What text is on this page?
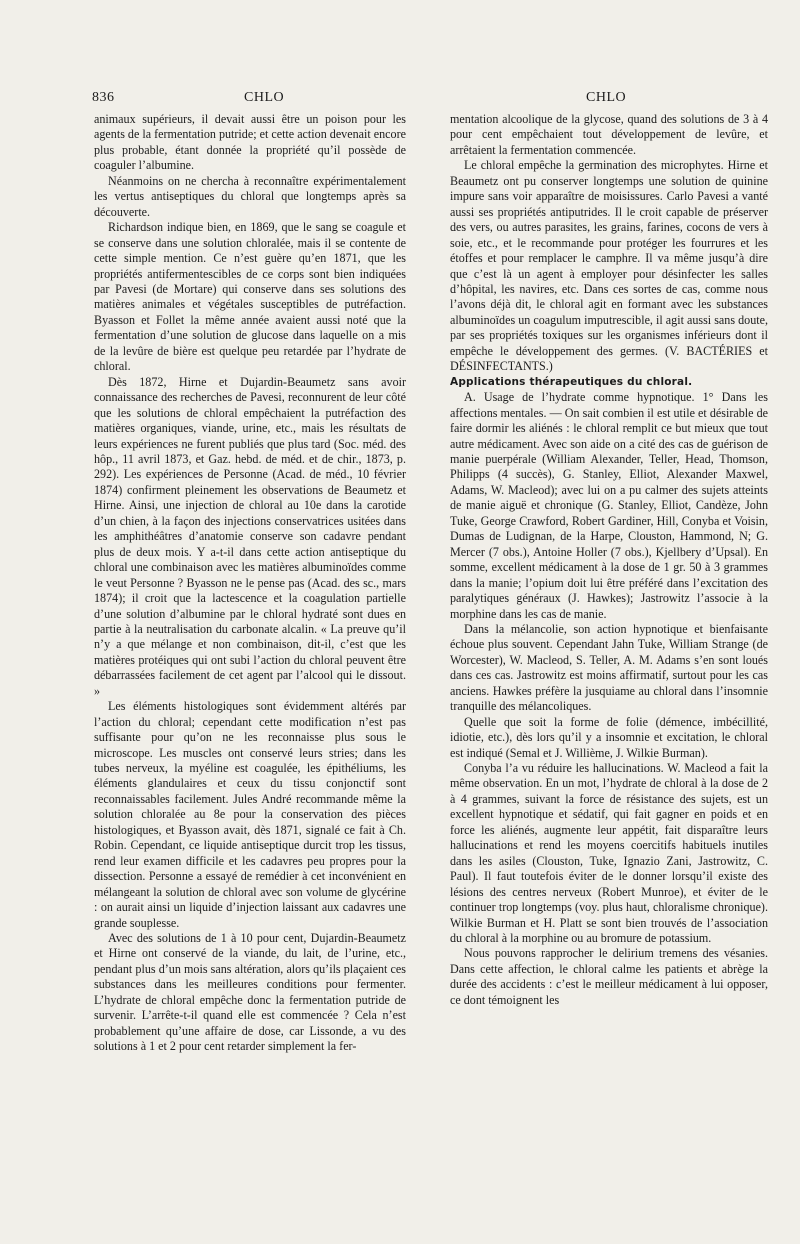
836	CHLO	CHLO

animaux supérieurs, il devait aussi être un poison pour les agents de la fermentation putride; et cette action devenait encore plus probable, étant donnée la propriété qu’il possède de coaguler l’albumine.

Néanmoins on ne chercha à reconnaître expérimentalement les vertus antiseptiques du chloral que longtemps après sa découverte.

Richardson indique bien, en 1869, que le sang se coagule et se conserve dans une solution chloralée, mais il se contente de cette simple mention. Ce n’est guère qu’en 1871, que les propriétés antifermentescibles de ce corps sont bien indiquées par Pavesi (de Mortare) qui conserve dans ses solutions des matières animales et végétales susceptibles de putréfaction. Byasson et Follet la même année avaient aussi noté que la fermentation d’une solution de glucose dans laquelle on a mis de la levûre de bière est quelque peu retardée par l’hydrate de chloral.

Dès 1872, Hirne et Dujardin-Beaumetz sans avoir connaissance des recherches de Pavesi, reconnurent de leur côté que les solutions de chloral empêchaient la putréfaction des matières organiques, viande, urine, etc., mais les résultats de leurs expériences ne furent publiés que plus tard (Soc. méd. des hôp., 11 avril 1873, et Gaz. hebd. de méd. et de chir., 1873, p. 292). Les expériences de Personne (Acad. de méd., 10 février 1874) confirment pleinement les observations de Beaumetz et Hirne. Ainsi, une injection de chloral au 10e dans la carotide d’un chien, à la façon des injections conservatrices usitées dans les amphithéâtres d’anatomie conserve son cadavre pendant plus de deux mois. Y a-t-il dans cette action antiseptique du chloral une combinaison avec les matières albuminoïdes comme le veut Personne ? Byasson ne le pense pas (Acad. des sc., mars 1874); il croit que la lactescence et la coagulation partielle d’une solution d’albumine par le chloral hydraté sont dues en partie à la neutralisation du carbonate alcalin. « La preuve qu’il n’y a que mélange et non combinaison, dit-il, c’est que les matières protéiques qui ont subi l’action du chloral peuvent être débarrassées facilement de cet agent par l’alcool qui le dissout. »

Les éléments histologiques sont évidemment altérés par l’action du chloral; cependant cette modification n’est pas suffisante pour qu’on ne les reconnaisse plus sous le microscope. Les muscles ont conservé leurs stries; dans les tubes nerveux, la myéline est coagulée, les épithéliums, les éléments glandulaires et ceux du tissu conjonctif sont reconnaissables facilement. Jules André recommande même la solution chloralée au 8e pour la conservation des pièces histologiques, et Byasson avait, dès 1871, signalé ce fait à Ch. Robin. Cependant, ce liquide antiseptique durcit trop les tissus, rend leur examen difficile et les cadavres peu propres pour la dissection. Personne a essayé de remédier à cet inconvénient en mélangeant la solution de chloral avec son volume de glycérine : on aurait ainsi un liquide d’injection laissant aux cadavres une grande souplesse.

Avec des solutions de 1 à 10 pour cent, Dujardin-Beaumetz et Hirne ont conservé de la viande, du lait, de l’urine, etc., pendant plus d’un mois sans altération, alors qu’ils plaçaient ces substances dans les meilleures conditions pour fermenter. L’hydrate de chloral empêche donc la fermentation putride de survenir. L’arrête-t-il quand elle est commencée ? Cela n’est probablement qu’une affaire de dose, car Lissonde, a vu des solutions à 1 et 2 pour cent retarder simplement la fer-

mentation alcoolique de la glycose, quand des solutions de 3 à 4 pour cent empêchaient tout développement de levûre, et arrêtaient la fermentation commencée.

Le chloral empêche la germination des microphytes. Hirne et Beaumetz ont pu conserver longtemps une solution de quinine impure sans voir apparaître de moisissures. Carlo Pavesi a vanté aussi ses propriétés antiputrides. Il le croit capable de préserver des vers, ou autres parasites, les grains, farines, cocons de vers à soie, etc., et le recommande pour protéger les fourrures et les étoffes et pour remplacer le camphre. Il va même jusqu’à dire que c’est là un agent à employer pour désinfecter les salles d’hôpital, les navires, etc. Dans ces sortes de cas, comme nous l’avons déjà dit, le chloral agit en formant avec les substances albuminoïdes un coagulum imputrescible, il agit aussi sans doute, par ses propriétés toxiques sur les organismes inférieurs dont il empêche le développement des germes. (V. BACTÉRIES et DÉSINFECTANTS.)

Applications thérapeutiques du chloral.

A. Usage de l’hydrate comme hypnotique. 1° Dans les affections mentales. — On sait combien il est utile et désirable de faire dormir les aliénés : le chloral remplit ce but mieux que tout autre médicament. Avec son aide on a cité des cas de guérison de manie puerpérale (William Alexander, Teller, Head, Thomson, Philipps (4 succès), G. Stanley, Elliot, Alexander Maxwel, Adams, W. Macleod); avec lui on a pu calmer des sujets atteints de manie aiguë et chronique (G. Stanley, Elliot, Candèze, John Tuke, George Crawford, Robert Gardiner, Hill, Conyba et Voisin, Dumas de Ludignan, de la Harpe, Clouston, Hammond, N; G. Mercer (7 obs.), Antoine Holler (7 obs.), Kjellbery d’Upsal). En somme, excellent médicament à la dose de 1 gr. 50 à 3 grammes dans la manie; l’opium doit lui être préféré dans l’excitation des paralytiques généraux (J. Hawkes); Jastrowitz l’associe à la morphine dans les cas de manie.

Dans la mélancolie, son action hypnotique et bienfaisante échoue plus souvent. Cependant Jahn Tuke, William Strange (de Worcester), W. Macleod, S. Teller, A. M. Adams s’en sont loués dans ces cas. Jastrowitz est moins affirmatif, surtout pour les cas anciens. Hawkes préfère la jusquiame au chloral dans l’insomnie tranquille des mélancoliques.

Quelle que soit la forme de folie (démence, imbécillité, idiotie, etc.), dès lors qu’il y a insomnie et excitation, le chloral est indiqué (Semal et J. Willième, J. Wilkie Burman).

Conyba l’a vu réduire les hallucinations. W. Macleod a fait la même observation. En un mot, l’hydrate de chloral à la dose de 2 à 4 grammes, suivant la force de résistance des sujets, est un excellent hypnotique et sédatif, qui fait gagner en poids et en force les aliénés, augmente leur appétit, fait disparaître leurs hallucinations et rend les moyens coercitifs habituels inutiles dans les asiles (Clouston, Tuke, Ignazio Zani, Jastrowitz, C. Paul). Il faut toutefois éviter de le donner lorsqu’il existe des lésions des centres nerveux (Robert Munroe), et éviter de le continuer trop longtemps (voy. plus haut, chloralisme chronique). Wilkie Burman et H. Platt se sont bien trouvés de l’association du chloral à la morphine ou au bromure de potassium.

Nous pouvons rapprocher le delirium tremens des vésanies. Dans cette affection, le chloral calme les patients et abrège la durée des accidents : c’est le meilleur médicament à lui opposer, ce dont témoignent les
